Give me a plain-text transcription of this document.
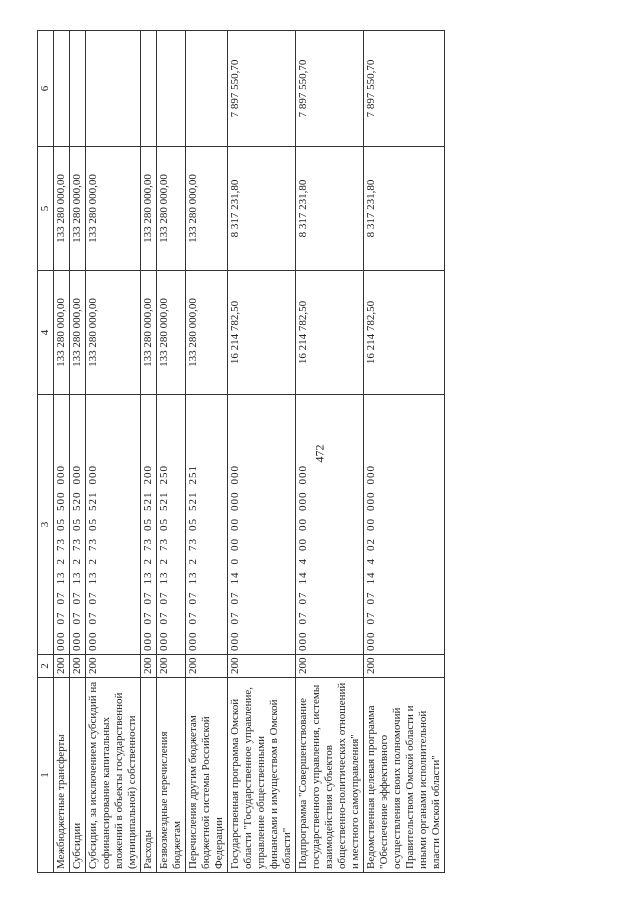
472
1	2	3	4	5	6
Межбюджетные трансферты	200	00007071327305500000	133 280 000,00	133 280 000,00	
Субсидии	200	00007071327305520000	133 280 000,00	133 280 000,00	
Субсидии, за исключением субсидий на софинансирование капитальных вложений в объекты государственной (муниципальной) собственности	200	00007071327305521000	133 280 000,00	133 280 000,00	
Расходы	200	00007071327305521200	133 280 000,00	133 280 000,00	
Безвозмездные перечисления бюджетам	200	00007071327305521250	133 280 000,00	133 280 000,00	
Перечисления другим бюджетам бюджетной системы Российской Федерации	200	00007071327305521251	133 280 000,00	133 280 000,00	
Государственная программа Омской области "Государственное управление, управление общественными финансами и имуществом в Омской области"	200	00007071400000000000	16 214 782,50	8 317 231,80	7 897 550,70
Подпрограмма "Совершенствование государственного управления, системы взаимодействия субъектов общественно-политических отношений и местного самоуправления"	200	00007071440000000000	16 214 782,50	8 317 231,80	7 897 550,70
Ведомственная целевая программа "Обеспечение эффективного осуществления своих полномочий Правительством Омской области и иными органами исполнительной власти Омской области"	200	00007071440200000000	16 214 782,50	8 317 231,80	7 897 550,70
